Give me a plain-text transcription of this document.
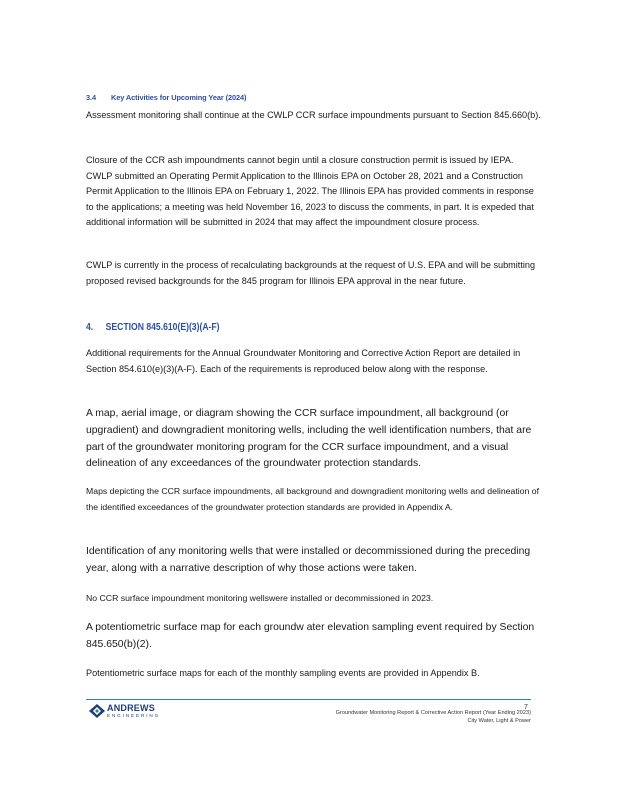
3.4 Key Activities for Upcoming Year (2024)

Assessment monitoring shall continue at the CWLP CCR surface impoundments pursuant to Section 845.660(b).

Closure of the CCR ash impoundments cannot begin until a closure construction permit is issued by IEPA. CWLP submitted an Operating Permit Application to the Illinois EPA on October 28, 2021 and a Construction Permit Application to the Illinois EPA on February 1, 2022. The Illinois EPA has provided comments in response to the applications; a meeting was held November 16, 2023 to discuss the comments, in part. It is expeded that additional information will be submitted in 2024 that may affect the impoundment closure process.

CWLP is currently in the process of recalculating backgrounds at the request of U.S. EPA and will be submitting proposed revised backgrounds for the 845 program for Illinois EPA approval in the near future.

4. SECTION 845.610(E)(3)(A-F)

Additional requirements for the Annual Groundwater Monitoring and Corrective Action Report are detailed in Section 854.610(e)(3)(A-F). Each of the requirements is reproduced below along with the response.

A map, aerial image, or diagram showing the CCR surface impoundment, all background (or upgradient) and downgradient monitoring wells, including the well identification numbers, that are part of the groundwater monitoring program for the CCR surface impoundment, and a visual delineation of any exceedances of the groundwater protection standards.

Maps depicting the CCR surface impoundments, all background and downgradient monitoring wells and delineation of the identified exceedances of the groundwater protection standards are provided in Appendix A.

Identification of any monitoring wells that were installed or decommissioned during the preceding year, along with a narrative description of why those actions were taken.

No CCR surface impoundment monitoring wellswere installed or decommissioned in 2023.

A potentiometric surface map for each groundw ater elevation sampling event required by Section 845.650(b)(2).

Potentiometric surface maps for each of the monthly sampling events are provided in Appendix B.

ANDREWS
ENGINEERING
7
Groundwater Monitoring Report & Corrective Action Report (Year Ending 2023)
City Water, Light & Power
